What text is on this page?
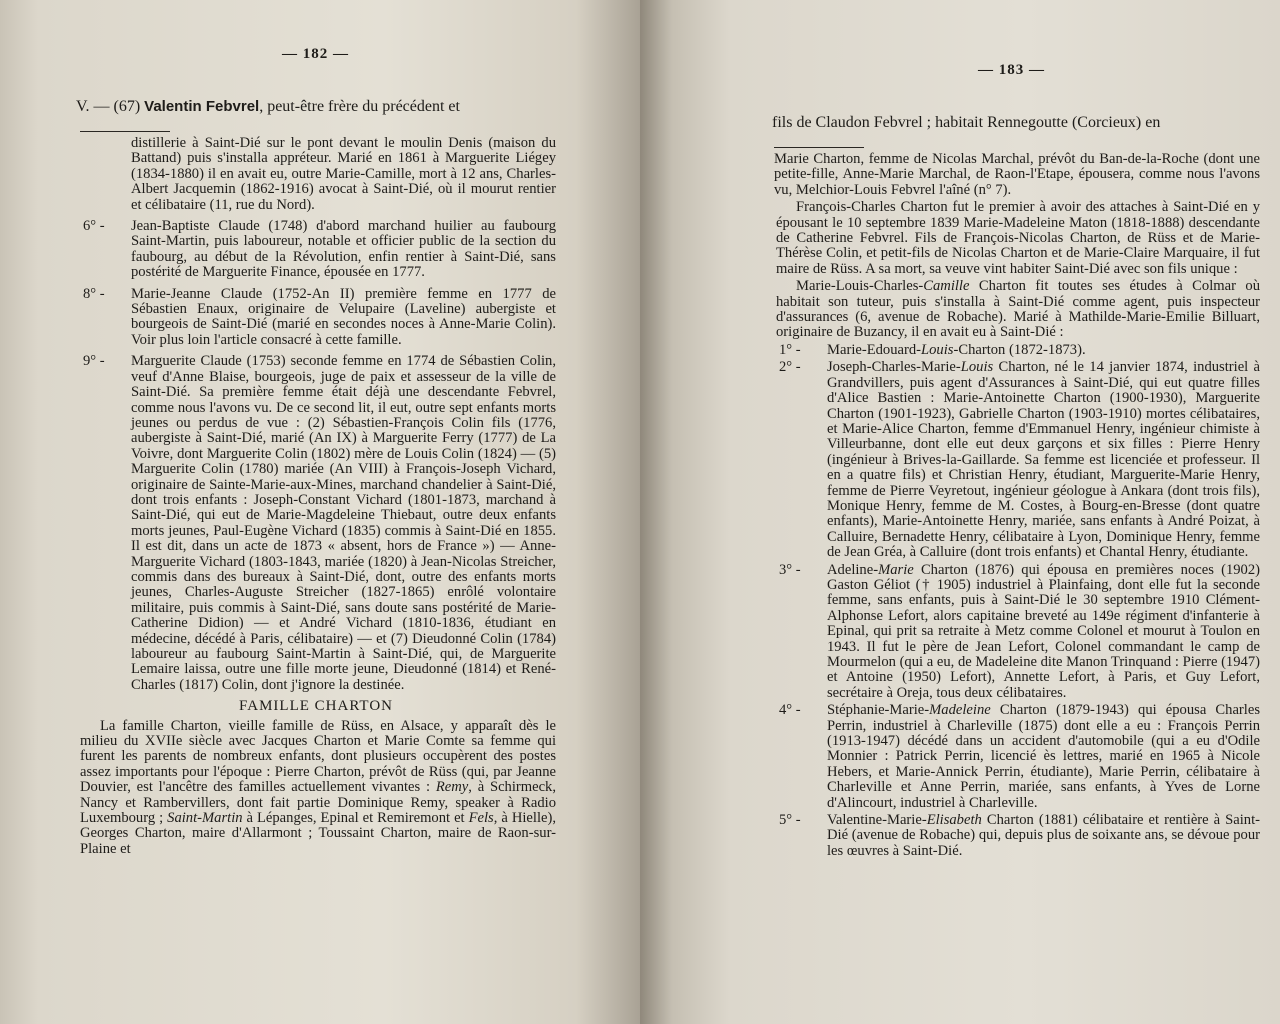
— 182 —

V. — (67) Valentin Febvrel, peut-être frère du précédent et

distillerie à Saint-Dié sur le pont devant le moulin Denis (maison du Battand) puis s'installa appréteur. Marié en 1861 à Marguerite Liégey (1834-1880) il en avait eu, outre Marie-Camille, mort à 12 ans, Charles-Albert Jacquemin (1862-1916) avocat à Saint-Dié, où il mourut rentier et célibataire (11, rue du Nord).

6° - Jean-Baptiste Claude (1748) d'abord marchand huilier au faubourg Saint-Martin, puis laboureur, notable et officier public de la section du faubourg, au début de la Révolution, enfin rentier à Saint-Dié, sans postérité de Marguerite Finance, épousée en 1777.
8° - Marie-Jeanne Claude (1752-An II) première femme en 1777 de Sébastien Enaux, originaire de Velupaire (Laveline) aubergiste et bourgeois de Saint-Dié (marié en secondes noces à Anne-Marie Colin). Voir plus loin l'article consacré à cette famille.
9° - Marguerite Claude (1753) seconde femme en 1774 de Sébastien Colin, veuf d'Anne Blaise, bourgeois, juge de paix et assesseur de la ville de Saint-Dié. Sa première femme était déjà une descendante Febvrel, comme nous l'avons vu. De ce second lit, il eut, outre sept enfants morts jeunes ou perdus de vue : (2) Sébastien-François Colin fils (1776, aubergiste à Saint-Dié, marié (An IX) à Marguerite Ferry (1777) de La Voivre, dont Marguerite Colin (1802) mère de Louis Colin (1824) — (5) Marguerite Colin (1780) mariée (An VIII) à François-Joseph Vichard, originaire de Sainte-Marie-aux-Mines, marchand chandelier à Saint-Dié, dont trois enfants : Joseph-Constant Vichard (1801-1873, marchand à Saint-Dié, qui eut de Marie-Magdeleine Thiebaut, outre deux enfants morts jeunes, Paul-Eugène Vichard (1835) commis à Saint-Dié en 1855. Il est dit, dans un acte de 1873 « absent, hors de France ») — Anne-Marguerite Vichard (1803-1843, mariée (1820) à Jean-Nicolas Streicher, commis dans des bureaux à Saint-Dié, dont, outre des enfants morts jeunes, Charles-Auguste Streicher (1827-1865) enrôlé volontaire militaire, puis commis à Saint-Dié, sans doute sans postérité de Marie-Catherine Didion) — et André Vichard (1810-1836, étudiant en médecine, décédé à Paris, célibataire) — et (7) Dieudonné Colin (1784) laboureur au faubourg Saint-Martin à Saint-Dié, qui, de Marguerite Lemaire laissa, outre une fille morte jeune, Dieudonné (1814) et René-Charles (1817) Colin, dont j'ignore la destinée.
FAMILLE CHARTON

La famille Charton, vieille famille de Rüss, en Alsace, y apparaît dès le milieu du XVIIe siècle avec Jacques Charton et Marie Comte sa femme qui furent les parents de nombreux enfants, dont plusieurs occupèrent des postes assez importants pour l'époque : Pierre Charton, prévôt de Rüss (qui, par Jeanne Douvier, est l'ancêtre des familles actuellement vivantes : Remy, à Schirmeck, Nancy et Rambervillers, dont fait partie Dominique Remy, speaker à Radio Luxembourg ; Saint-Martin à Lépanges, Epinal et Remiremont et Fels, à Hielle), Georges Charton, maire d'Allarmont ; Toussaint Charton, maire de Raon-sur-Plaine et

— 183 —

fils de Claudon Febvrel ; habitait Rennegoutte (Corcieux) en

Marie Charton, femme de Nicolas Marchal, prévôt du Ban-de-la-Roche (dont une petite-fille, Anne-Marie Marchal, de Raon-l'Etape, épousera, comme nous l'avons vu, Melchior-Louis Febvrel l'aîné (n° 7).

François-Charles Charton fut le premier à avoir des attaches à Saint-Dié en y épousant le 10 septembre 1839 Marie-Madeleine Maton (1818-1888) descendante de Catherine Febvrel. Fils de François-Nicolas Charton, de Rüss et de Marie-Thérèse Colin, et petit-fils de Nicolas Charton et de Marie-Claire Marquaire, il fut maire de Rüss. A sa mort, sa veuve vint habiter Saint-Dié avec son fils unique :

Marie-Louis-Charles-Camille Charton fit toutes ses études à Colmar où habitait son tuteur, puis s'installa à Saint-Dié comme agent, puis inspecteur d'assurances (6, avenue de Robache). Marié à Mathilde-Marie-Emilie Billuart, originaire de Buzancy, il en avait eu à Saint-Dié :

1° - Marie-Edouard-Louis-Charton (1872-1873).
2° - Joseph-Charles-Marie-Louis Charton, né le 14 janvier 1874, industriel à Grandvillers, puis agent d'Assurances à Saint-Dié, qui eut quatre filles d'Alice Bastien : Marie-Antoinette Charton (1900-1930), Marguerite Charton (1901-1923), Gabrielle Charton (1903-1910) mortes célibataires, et Marie-Alice Charton, femme d'Emmanuel Henry, ingénieur chimiste à Villeurbanne, dont elle eut deux garçons et six filles : Pierre Henry (ingénieur à Brives-la-Gaillarde. Sa femme est licenciée et professeur. Il en a quatre fils) et Christian Henry, étudiant, Marguerite-Marie Henry, femme de Pierre Veyretout, ingénieur géologue à Ankara (dont trois fils), Monique Henry, femme de M. Costes, à Bourg-en-Bresse (dont quatre enfants), Marie-Antoinette Henry, mariée, sans enfants à André Poizat, à Calluire, Bernadette Henry, célibataire à Lyon, Dominique Henry, femme de Jean Gréa, à Calluire (dont trois enfants) et Chantal Henry, étudiante.
3° - Adeline-Marie Charton (1876) qui épousa en premières noces (1902) Gaston Géliot († 1905) industriel à Plainfaing, dont elle fut la seconde femme, sans enfants, puis à Saint-Dié le 30 septembre 1910 Clément-Alphonse Lefort, alors capitaine breveté au 149e régiment d'infanterie à Epinal, qui prit sa retraite à Metz comme Colonel et mourut à Toulon en 1943. Il fut le père de Jean Lefort, Colonel commandant le camp de Mourmelon (qui a eu, de Madeleine dite Manon Trinquand : Pierre (1947) et Antoine (1950) Lefort), Annette Lefort, à Paris, et Guy Lefort, secrétaire à Oreja, tous deux célibataires.
4° - Stéphanie-Marie-Madeleine Charton (1879-1943) qui épousa Charles Perrin, industriel à Charleville (1875) dont elle a eu : François Perrin (1913-1947) décédé dans un accident d'automobile (qui a eu d'Odile Monnier : Patrick Perrin, licencié ès lettres, marié en 1965 à Nicole Hebers, et Marie-Annick Perrin, étudiante), Marie Perrin, célibataire à Charleville et Anne Perrin, mariée, sans enfants, à Yves de Lorne d'Alincourt, industriel à Charleville.
5° - Valentine-Marie-Elisabeth Charton (1881) célibataire et rentière à Saint-Dié (avenue de Robache) qui, depuis plus de soixante ans, se dévoue pour les œuvres à Saint-Dié.
